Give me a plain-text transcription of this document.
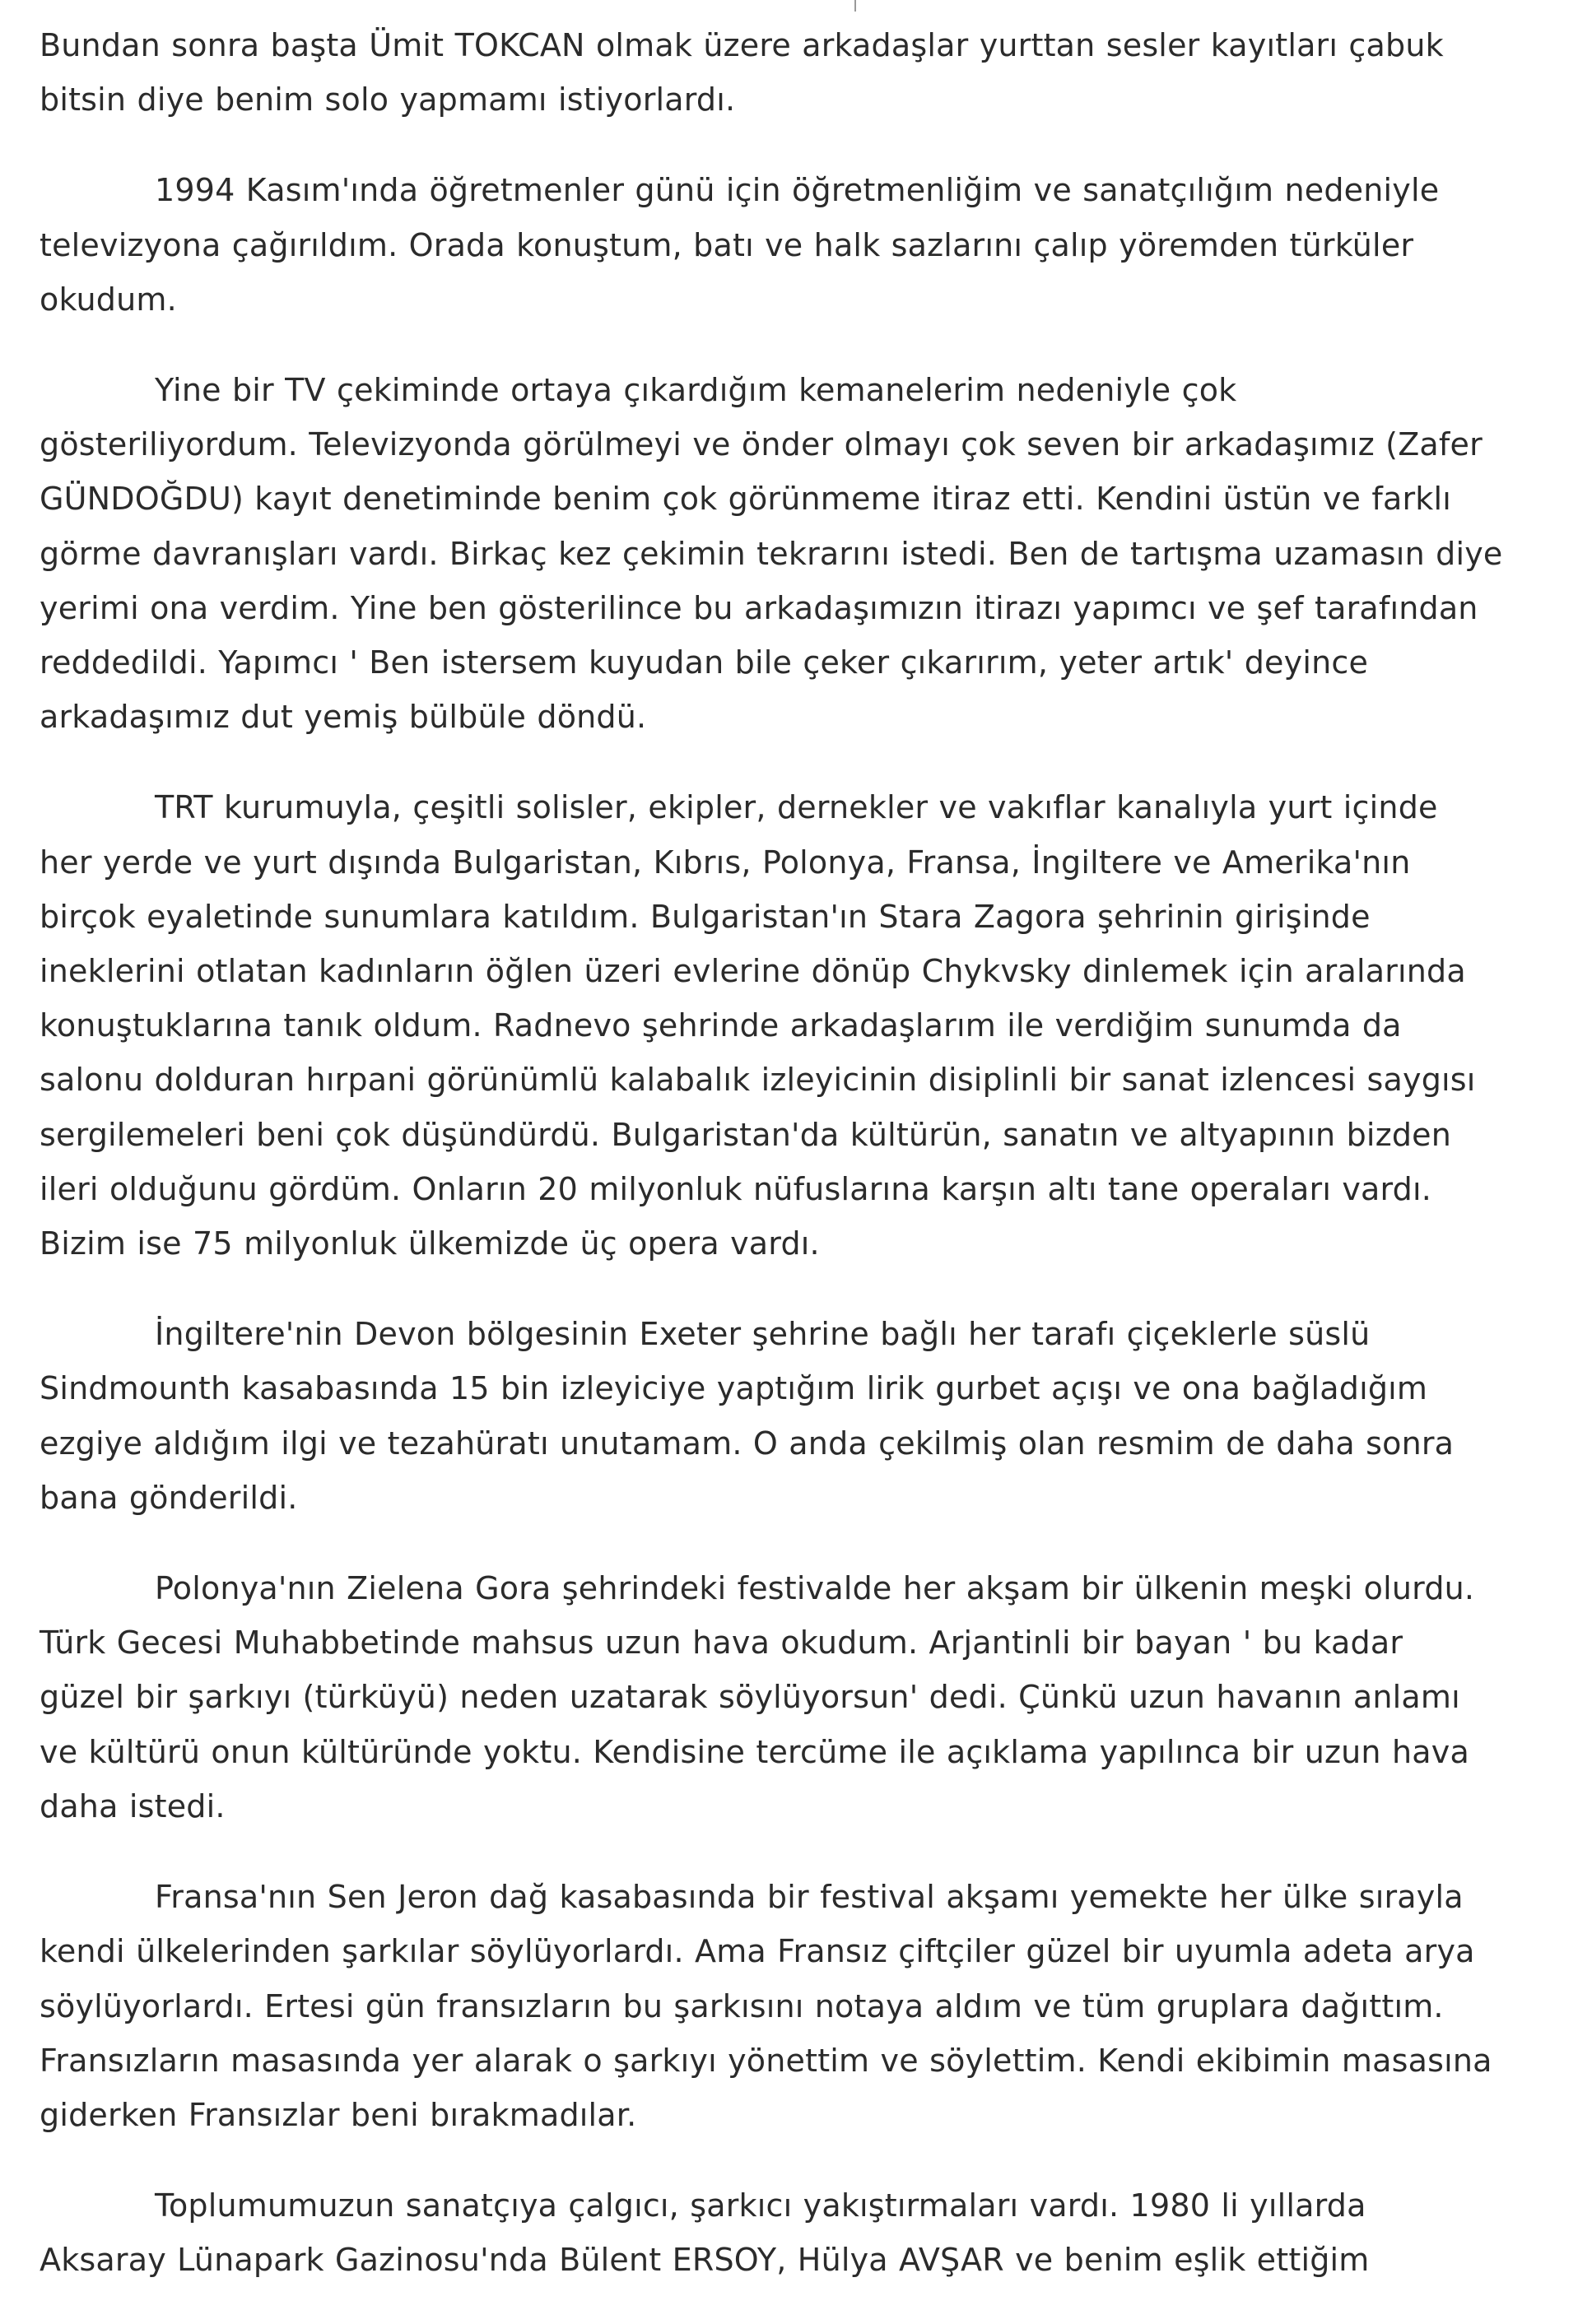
Bundan sonra başta Ümit TOKCAN olmak üzere arkadaşlar yurttan sesler kayıtları çabuk
bitsin diye benim solo yapmamı istiyorlardı.

1994 Kasım'ında öğretmenler günü için öğretmenliğim ve sanatçılığım nedeniyle
televizyona çağırıldım. Orada konuştum, batı ve halk sazlarını çalıp yöremden türküler
okudum.

Yine bir TV çekiminde ortaya çıkardığım kemanelerim nedeniyle çok
gösteriliyordum. Televizyonda görülmeyi ve önder olmayı çok seven bir arkadaşımız (Zafer
GÜNDOĞDU) kayıt denetiminde benim çok görünmeme itiraz etti. Kendini üstün ve farklı
görme davranışları vardı. Birkaç kez çekimin tekrarını istedi. Ben de tartışma uzamasın diye
yerimi ona verdim. Yine ben gösterilince bu arkadaşımızın itirazı yapımcı ve şef tarafından
reddedildi. Yapımcı ' Ben istersem kuyudan bile çeker çıkarırım, yeter artık' deyince
arkadaşımız dut yemiş bülbüle döndü.

TRT kurumuyla, çeşitli solisler, ekipler, dernekler ve vakıflar kanalıyla yurt içinde
her yerde ve yurt dışında Bulgaristan, Kıbrıs, Polonya, Fransa, İngiltere ve Amerika'nın
birçok eyaletinde sunumlara katıldım. Bulgaristan'ın Stara Zagora şehrinin girişinde
ineklerini otlatan kadınların öğlen üzeri evlerine dönüp Chykvsky dinlemek için aralarında
konuştuklarına tanık oldum. Radnevo şehrinde arkadaşlarım ile verdiğim sunumda da
salonu dolduran hırpani görünümlü kalabalık izleyicinin disiplinli bir sanat izlencesi saygısı
sergilemeleri beni çok düşündürdü. Bulgaristan'da kültürün, sanatın ve altyapının bizden
ileri olduğunu gördüm. Onların 20 milyonluk nüfuslarına karşın altı tane operaları vardı.
Bizim ise 75 milyonluk ülkemizde üç opera vardı.

İngiltere'nin Devon bölgesinin Exeter şehrine bağlı her tarafı çiçeklerle süslü
Sindmounth kasabasında 15 bin izleyiciye yaptığım lirik gurbet açışı ve ona bağladığım
ezgiye aldığım ilgi ve tezahüratı unutamam. O anda çekilmiş olan resmim de daha sonra
bana gönderildi.

Polonya'nın Zielena Gora şehrindeki festivalde her akşam bir ülkenin meşki olurdu.
Türk Gecesi Muhabbetinde mahsus uzun hava okudum. Arjantinli bir bayan ' bu kadar
güzel bir şarkıyı (türküyü) neden uzatarak söylüyorsun' dedi. Çünkü uzun havanın anlamı
ve kültürü onun kültüründe yoktu. Kendisine tercüme ile açıklama yapılınca bir uzun hava
daha istedi.

Fransa'nın Sen Jeron dağ kasabasında bir festival akşamı yemekte her ülke sırayla
kendi ülkelerinden şarkılar söylüyorlardı. Ama Fransız çiftçiler güzel bir uyumla adeta arya
söylüyorlardı. Ertesi gün fransızların bu şarkısını notaya aldım ve tüm gruplara dağıttım.
Fransızların masasında yer alarak o şarkıyı yönettim ve söylettim. Kendi ekibimin masasına
giderken Fransızlar beni bırakmadılar.

Toplumumuzun sanatçıya çalgıcı, şarkıcı yakıştırmaları vardı. 1980 li yıllarda
Aksaray Lünapark Gazinosu'nda Bülent ERSOY, Hülya AVŞAR ve benim eşlik ettiğim
